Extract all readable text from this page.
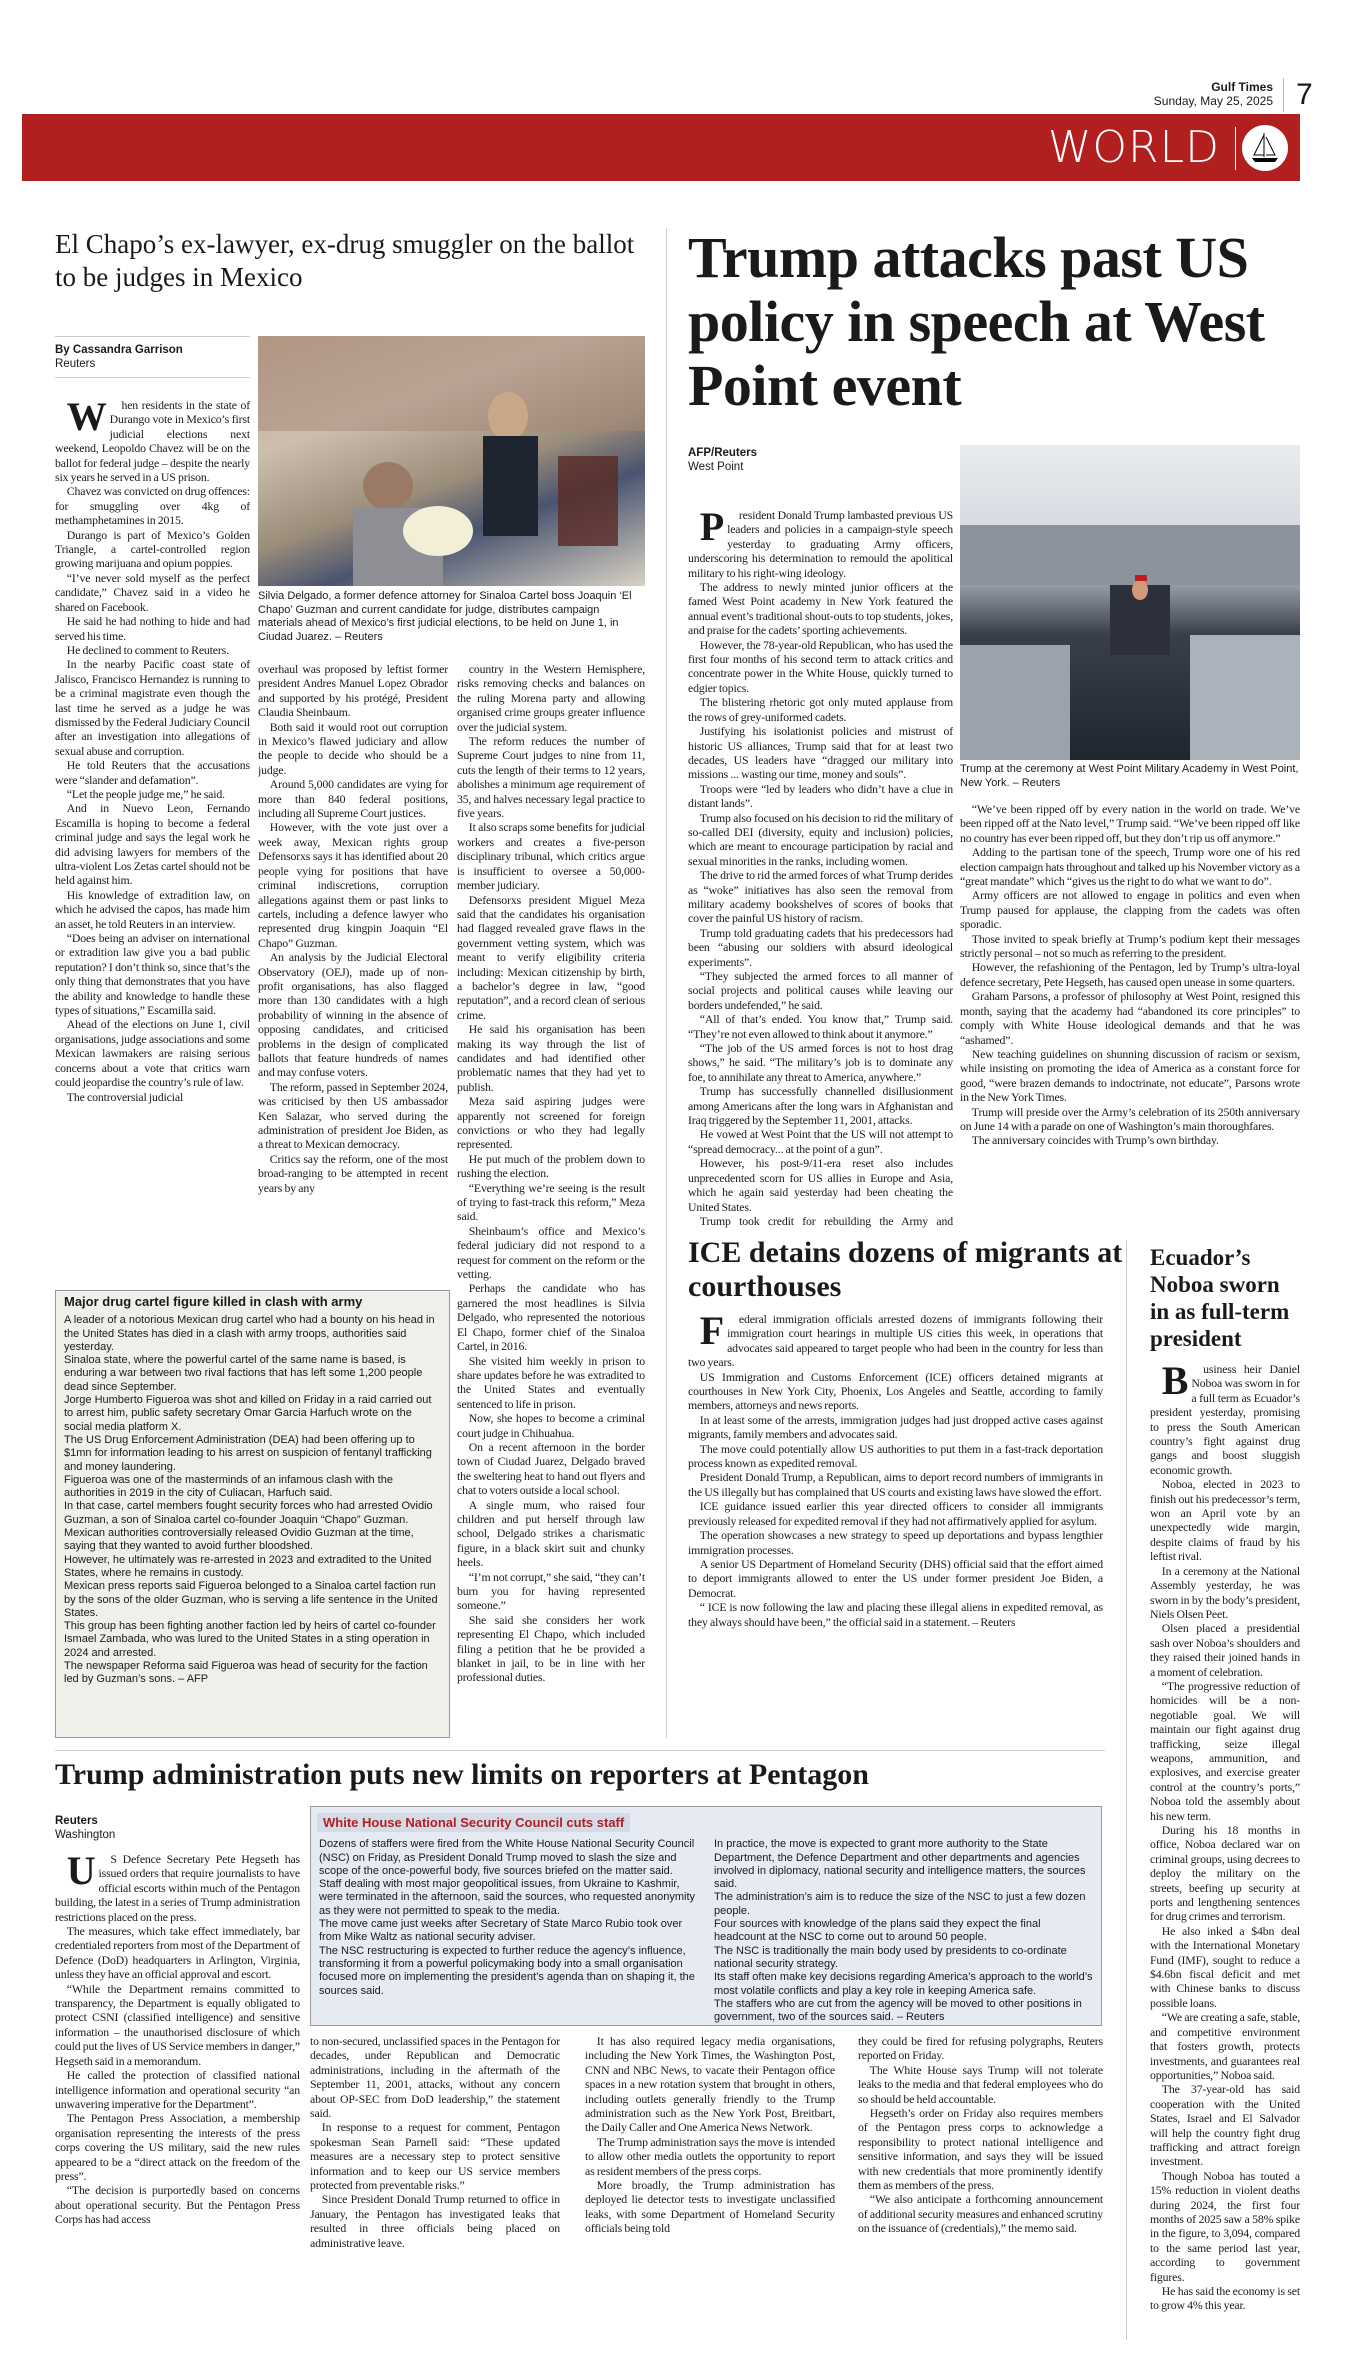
Gulf Times
Sunday, May 25, 2025 7
WORLD
El Chapo’s ex-lawyer, ex-drug smuggler on the ballot to be judges in Mexico
By Cassandra Garrison
Reuters

When residents in the state of Durango vote in Mexico’s first judicial elections next weekend, Leopoldo Chavez will be on the ballot for federal judge – despite the nearly six years he served in a US prison.

Chavez was convicted on drug offences: for smuggling over 4kg of methamphetamines in 2015.

Durango is part of Mexico’s Golden Triangle, a cartel-controlled region growing marijuana and opium poppies.

“I’ve never sold myself as the perfect candidate,” Chavez said in a video he shared on Facebook.

He said he had nothing to hide and had served his time.

He declined to comment to Reuters.

In the nearby Pacific coast state of Jalisco, Francisco Hernandez is running to be a criminal magistrate even though the last time he served as a judge he was dismissed by the Federal Judiciary Council after an investigation into allegations of sexual abuse and corruption.

He told Reuters that the accusations were “slander and defamation”.

“Let the people judge me,” he said.

And in Nuevo Leon, Fernando Escamilla is hoping to become a federal criminal judge and says the legal work he did advising lawyers for members of the ultra-violent Los Zetas cartel should not be held against him.

His knowledge of extradition law, on which he advised the capos, has made him an asset, he told Reuters in an interview.

“Does being an adviser on international or extradition law give you a bad public reputation? I don’t think so, since that’s the only thing that demonstrates that you have the ability and knowledge to handle these types of situations,” Escamilla said.

Ahead of the elections on June 1, civil organisations, judge associations and some Mexican lawmakers are raising serious concerns about a vote that critics warn could jeopardise the country’s rule of law.

The controversial judicial

Silvia Delgado, a former defence attorney for Sinaloa Cartel boss Joaquin ‘El Chapo’ Guzman and current candidate for judge, distributes campaign materials ahead of Mexico’s first judicial elections, to be held on June 1, in Ciudad Juarez. – Reuters

overhaul was proposed by leftist former president Andres Manuel Lopez Obrador and supported by his protégé, President Claudia Sheinbaum.

Both said it would root out corruption in Mexico’s flawed judiciary and allow the people to decide who should be a judge.

Around 5,000 candidates are vying for more than 840 federal positions, including all Supreme Court justices.

However, with the vote just over a week away, Mexican rights group Defensorxs says it has identified about 20 people vying for positions that have criminal indiscretions, corruption allegations against them or past links to cartels, including a defence lawyer who represented drug kingpin Joaquin “El Chapo” Guzman.

An analysis by the Judicial Electoral Observatory (OEJ), made up of non-profit organisations, has also flagged more than 130 candidates with a high probability of winning in the absence of opposing candidates, and criticised problems in the design of complicated ballots that feature hundreds of names and may confuse voters.

The reform, passed in September 2024, was criticised by then US ambassador Ken Salazar, who served during the administration of president Joe Biden, as a threat to Mexican democracy.

Critics say the reform, one of the most broad-ranging to be attempted in recent years by any

country in the Western Hemisphere, risks removing checks and balances on the ruling Morena party and allowing organised crime groups greater influence over the judicial system.

The reform reduces the number of Supreme Court judges to nine from 11, cuts the length of their terms to 12 years, abolishes a minimum age requirement of 35, and halves necessary legal practice to five years.

It also scraps some benefits for judicial workers and creates a five-person disciplinary tribunal, which critics argue is insufficient to oversee a 50,000-member judiciary.

Defensorxs president Miguel Meza said that the candidates his organisation had flagged revealed grave flaws in the government vetting system, which was meant to verify eligibility criteria including: Mexican citizenship by birth, a bachelor’s degree in law, “good reputation”, and a record clean of serious crime.

He said his organisation has been making its way through the list of candidates and had identified other problematic names that they had yet to publish.

Meza said aspiring judges were apparently not screened for foreign convictions or who they had legally represented.

He put much of the problem down to rushing the election.

“Everything we’re seeing is the result of trying to fast-track this reform,” Meza said.

Sheinbaum’s office and Mexico’s federal judiciary did not respond to a request for comment on the reform or the vetting.

Perhaps the candidate who has garnered the most headlines is Silvia Delgado, who represented the notorious El Chapo, former chief of the Sinaloa Cartel, in 2016.

She visited him weekly in prison to share updates before he was extradited to the United States and eventually sentenced to life in prison.

Now, she hopes to become a criminal court judge in Chihuahua.

On a recent afternoon in the border town of Ciudad Juarez, Delgado braved the sweltering heat to hand out flyers and chat to voters outside a local school.

A single mum, who raised four children and put herself through law school, Delgado strikes a charismatic figure, in a black skirt suit and chunky heels.

“I’m not corrupt,” she said, “they can’t burn you for having represented someone.”

She said she considers her work representing El Chapo, which included filing a petition that he be provided a blanket in jail, to be in line with her professional duties.

Major drug cartel figure killed in clash with army

A leader of a notorious Mexican drug cartel who had a bounty on his head in the United States has died in a clash with army troops, authorities said yesterday.

Sinaloa state, where the powerful cartel of the same name is based, is enduring a war between two rival factions that has left some 1,200 people dead since September.

Jorge Humberto Figueroa was shot and killed on Friday in a raid carried out to arrest him, public safety secretary Omar Garcia Harfuch wrote on the social media platform X.

The US Drug Enforcement Administration (DEA) had been offering up to $1mn for information leading to his arrest on suspicion of fentanyl trafficking and money laundering.

Figueroa was one of the masterminds of an infamous clash with the authorities in 2019 in the city of Culiacan, Harfuch said.

In that case, cartel members fought security forces who had arrested Ovidio Guzman, a son of Sinaloa cartel co-founder Joaquin “Chapo” Guzman.

Mexican authorities controversially released Ovidio Guzman at the time, saying that they wanted to avoid further bloodshed.

However, he ultimately was re-arrested in 2023 and extradited to the United States, where he remains in custody.

Mexican press reports said Figueroa belonged to a Sinaloa cartel faction run by the sons of the older Guzman, who is serving a life sentence in the United States.

This group has been fighting another faction led by heirs of cartel co-founder Ismael Zambada, who was lured to the United States in a sting operation in 2024 and arrested.

The newspaper Reforma said Figueroa was head of security for the faction led by Guzman’s sons. – AFP

Trump attacks past US policy in speech at West Point event
AFP/Reuters
West Point

President Donald Trump lambasted previous US leaders and policies in a campaign-style speech yesterday to graduating Army officers, underscoring his determination to remould the apolitical military to his right-wing ideology.

The address to newly minted junior officers at the famed West Point academy in New York featured the annual event’s traditional shout-outs to top students, jokes, and praise for the cadets’ sporting achievements.

However, the 78-year-old Republican, who has used the first four months of his second term to attack critics and concentrate power in the White House, quickly turned to edgier topics.

The blistering rhetoric got only muted applause from the rows of grey-uniformed cadets.

Justifying his isolationist policies and mistrust of historic US alliances, Trump said that for at least two decades, US leaders have “dragged our military into missions ... wasting our time, money and souls”.

Troops were “led by leaders who didn’t have a clue in distant lands”.

Trump also focused on his decision to rid the military of so-called DEI (diversity, equity and inclusion) policies, which are meant to encourage participation by racial and sexual minorities in the ranks, including women.

The drive to rid the armed forces of what Trump derides as “woke” initiatives has also seen the removal from military academy bookshelves of scores of books that cover the painful US history of racism.

Trump told graduating cadets that his predecessors had been “abusing our soldiers with absurd ideological experiments”.

“They subjected the armed forces to all manner of social projects and political causes while leaving our borders undefended,” he said.

“All of that’s ended. You know that,” Trump said. “They’re not even allowed to think about it anymore.”

“The job of the US armed forces is not to host drag shows,” he said. “The military’s job is to dominate any foe, to annihilate any threat to America, anywhere.”

Trump has successfully channelled disillusionment among Americans after the long wars in Afghanistan and Iraq triggered by the September 11, 2001, attacks.

He vowed at West Point that the US will not attempt to “spread democracy... at the point of a gun”.

However, his post-9/11-era reset also includes unprecedented scorn for US allies in Europe and Asia, which he again said yesterday had been cheating the United States.

Trump took credit for rebuilding the Army and

Trump at the ceremony at West Point Military Academy in West Point, New York. – Reuters

“We’ve been ripped off by every nation in the world on trade. We’ve been ripped off at the Nato level,” Trump said. “We’ve been ripped off like no country has ever been ripped off, but they don’t rip us off anymore.”

Adding to the partisan tone of the speech, Trump wore one of his red election campaign hats throughout and talked up his November victory as a “great mandate” which “gives us the right to do what we want to do”.

Army officers are not allowed to engage in politics and even when Trump paused for applause, the clapping from the cadets was often sporadic.

Those invited to speak briefly at Trump’s podium kept their messages strictly personal – not so much as referring to the president.

However, the refashioning of the Pentagon, led by Trump’s ultra-loyal defence secretary, Pete Hegseth, has caused open unease in some quarters.

Graham Parsons, a professor of philosophy at West Point, resigned this month, saying that the academy had “abandoned its core principles” to comply with White House ideological demands and that he was “ashamed”.

New teaching guidelines on shunning discussion of racism or sexism, while insisting on promoting the idea of America as a constant force for good, “were brazen demands to indoctrinate, not educate”, Parsons wrote in the New York Times.

Trump will preside over the Army’s celebration of its 250th anniversary on June 14 with a parade on one of Washington’s main thoroughfares.

The anniversary coincides with Trump’s own birthday.

ICE detains dozens of migrants at courthouses

Federal immigration officials arrested dozens of immigrants following their immigration court hearings in multiple US cities this week, in operations that advocates said appeared to target people who had been in the country for less than two years.

US Immigration and Customs Enforcement (ICE) officers detained migrants at courthouses in New York City, Phoenix, Los Angeles and Seattle, according to family members, attorneys and news reports.

In at least some of the arrests, immigration judges had just dropped active cases against migrants, family members and advocates said.

The move could potentially allow US authorities to put them in a fast-track deportation process known as expedited removal.

President Donald Trump, a Republican, aims to deport record numbers of immigrants in the US illegally but has complained that US courts and existing laws have slowed the effort.

ICE guidance issued earlier this year directed officers to consider all immigrants previously released for expedited removal if they had not affirmatively applied for asylum.

The operation showcases a new strategy to speed up deportations and bypass lengthier immigration processes.

A senior US Department of Homeland Security (DHS) official said that the effort aimed to deport immigrants allowed to enter the US under former president Joe Biden, a Democrat.

“ ICE is now following the law and placing these illegal aliens in expedited removal, as they always should have been,” the official said in a statement. – Reuters

Ecuador’s Noboa sworn in as full-term president

Business heir Daniel Noboa was sworn in for a full term as Ecuador’s president yesterday, promising to press the South American country’s fight against drug gangs and boost sluggish economic growth.

Noboa, elected in 2023 to finish out his predecessor’s term, won an April vote by an unexpectedly wide margin, despite claims of fraud by his leftist rival.

In a ceremony at the National Assembly yesterday, he was sworn in by the body’s president, Niels Olsen Peet.

Olsen placed a presidential sash over Noboa’s shoulders and they raised their joined hands in a moment of celebration.

“The progressive reduction of homicides will be a non-negotiable goal. We will maintain our fight against drug trafficking, seize illegal weapons, ammunition, and explosives, and exercise greater control at the country’s ports,” Noboa told the assembly about his new term.

During his 18 months in office, Noboa declared war on criminal groups, using decrees to deploy the military on the streets, beefing up security at ports and lengthening sentences for drug crimes and terrorism.

He also inked a $4bn deal with the International Monetary Fund (IMF), sought to reduce a $4.6bn fiscal deficit and met with Chinese banks to discuss possible loans.

“We are creating a safe, stable, and competitive environment that fosters growth, protects investments, and guarantees real opportunities,” Noboa said.

The 37-year-old has said cooperation with the United States, Israel and El Salvador will help the country fight drug trafficking and attract foreign investment.

Though Noboa has touted a 15% reduction in violent deaths during 2024, the first four months of 2025 saw a 58% spike in the figure, to 3,094, compared to the same period last year, according to government figures.

He has said the economy is set to grow 4% this year.

Trump administration puts new limits on reporters at Pentagon
Reuters
Washington

US Defence Secretary Pete Hegseth has issued orders that require journalists to have official escorts within much of the Pentagon building, the latest in a series of Trump administration restrictions placed on the press.

The measures, which take effect immediately, bar credentialed reporters from most of the Department of Defence (DoD) headquarters in Arlington, Virginia, unless they have an official approval and escort.

“While the Department remains committed to transparency, the Department is equally obligated to protect CSNI (classified intelligence) and sensitive information – the unauthorised disclosure of which could put the lives of US Service members in danger,” Hegseth said in a memorandum.

He called the protection of classified national intelligence information and operational security “an unwavering imperative for the Department”.

The Pentagon Press Association, a membership organisation representing the interests of the press corps covering the US military, said the new rules appeared to be a “direct attack on the freedom of the press”.

“The decision is purportedly based on concerns about operational security. But the Pentagon Press Corps has had access

White House National Security Council cuts staff

Dozens of staffers were fired from the White House National Security Council (NSC) on Friday, as President Donald Trump moved to slash the size and scope of the once-powerful body, five sources briefed on the matter said.

Staff dealing with most major geopolitical issues, from Ukraine to Kashmir, were terminated in the afternoon, said the sources, who requested anonymity as they were not permitted to speak to the media.

The move came just weeks after Secretary of State Marco Rubio took over from Mike Waltz as national security adviser.

The NSC restructuring is expected to further reduce the agency’s influence, transforming it from a powerful policymaking body into a small organisation focused more on implementing the president’s agenda than on shaping it, the sources said.

In practice, the move is expected to grant more authority to the State Department, the Defence Department and other departments and agencies involved in diplomacy, national security and intelligence matters, the sources said.

The administration’s aim is to reduce the size of the NSC to just a few dozen people.

Four sources with knowledge of the plans said they expect the final headcount at the NSC to come out to around 50 people.

The NSC is traditionally the main body used by presidents to co-ordinate national security strategy.

Its staff often make key decisions regarding America’s approach to the world’s most volatile conflicts and play a key role in keeping America safe.

The staffers who are cut from the agency will be moved to other positions in government, two of the sources said. – Reuters

to non-secured, unclassified spaces in the Pentagon for decades, under Republican and Democratic administrations, including in the aftermath of the September 11, 2001, attacks, without any concern about OP-SEC from DoD leadership,” the statement said.

In response to a request for comment, Pentagon spokesman Sean Parnell said: “These updated measures are a necessary step to protect sensitive information and to keep our US service members protected from preventable risks.”

Since President Donald Trump returned to office in January, the Pentagon has investigated leaks that resulted in three officials being placed on administrative leave.

It has also required legacy media organisations, including the New York Times, the Washington Post, CNN and NBC News, to vacate their Pentagon office spaces in a new rotation system that brought in others, including outlets generally friendly to the Trump administration such as the New York Post, Breitbart, the Daily Caller and One America News Network.

The Trump administration says the move is intended to allow other media outlets the opportunity to report as resident members of the press corps.

More broadly, the Trump administration has deployed lie detector tests to investigate unclassified leaks, with some Department of Homeland Security officials being told

they could be fired for refusing polygraphs, Reuters reported on Friday.

The White House says Trump will not tolerate leaks to the media and that federal employees who do so should be held accountable.

Hegseth’s order on Friday also requires members of the Pentagon press corps to acknowledge a responsibility to protect national intelligence and sensitive information, and says they will be issued with new credentials that more prominently identify them as members of the press.

“We also anticipate a forthcoming announcement of additional security measures and enhanced scrutiny on the issuance of (credentials),” the memo said.
